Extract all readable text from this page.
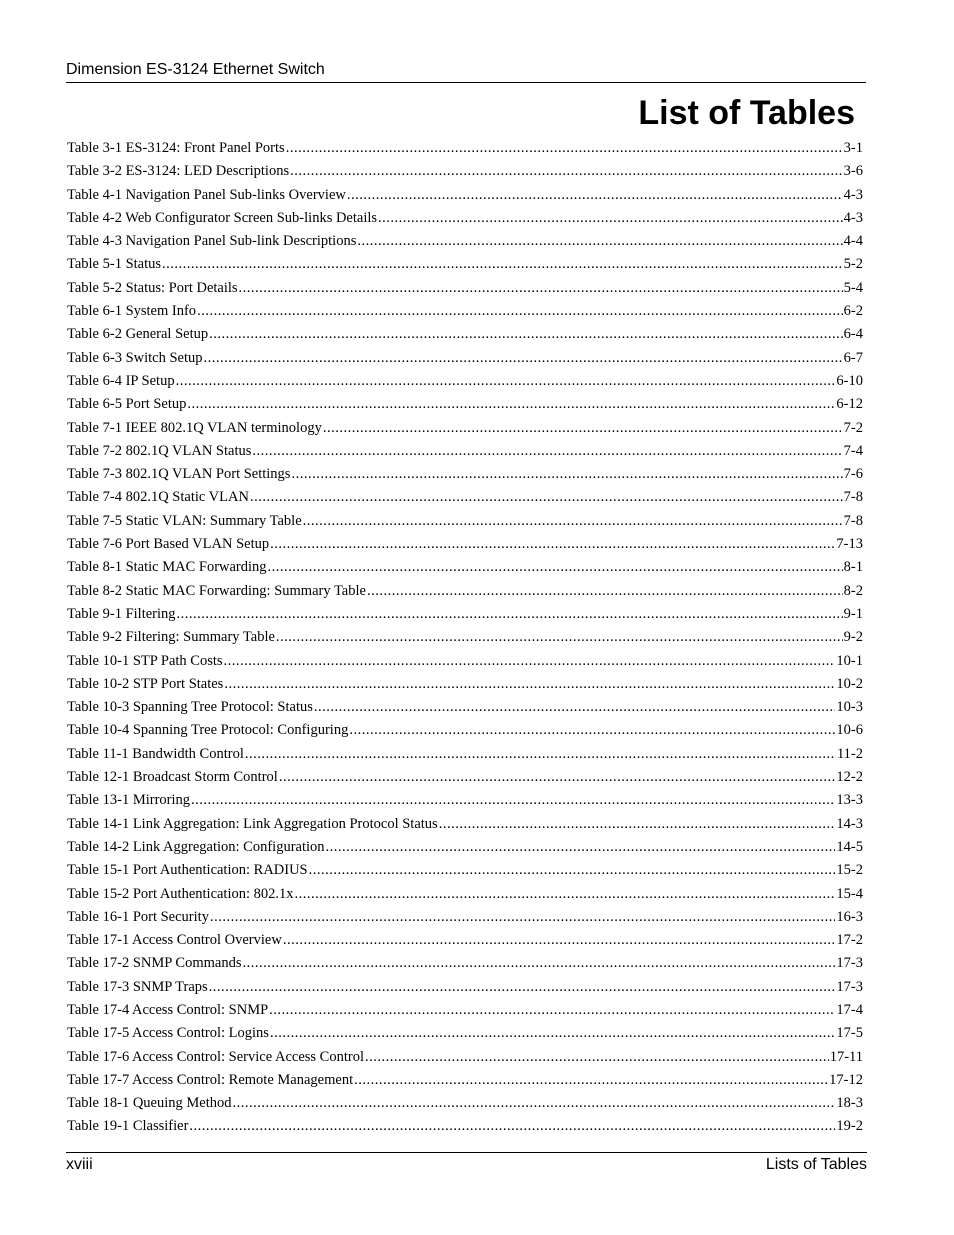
Dimension ES-3124 Ethernet Switch
List of Tables
Table 3-1 ES-3124: Front Panel Ports .....	3-1
Table 3-2 ES-3124: LED Descriptions .....	3-6
Table 4-1 Navigation Panel Sub-links Overview .....	4-3
Table 4-2 Web Configurator Screen Sub-links Details .....	4-3
Table 4-3 Navigation Panel Sub-link Descriptions .....	4-4
Table 5-1 Status .....	5-2
Table 5-2 Status: Port Details .....	5-4
Table 6-1 System Info .....	6-2
Table 6-2 General Setup .....	6-4
Table 6-3 Switch Setup .....	6-7
Table 6-4 IP Setup .....	6-10
Table 6-5 Port Setup .....	6-12
Table 7-1 IEEE 802.1Q VLAN terminology .....	7-2
Table 7-2 802.1Q VLAN Status .....	7-4
Table 7-3 802.1Q VLAN Port Settings .....	7-6
Table 7-4 802.1Q Static VLAN .....	7-8
Table 7-5 Static VLAN: Summary Table .....	7-8
Table 7-6 Port Based VLAN Setup .....	7-13
Table 8-1 Static MAC Forwarding .....	8-1
Table 8-2 Static MAC Forwarding: Summary Table .....	8-2
Table 9-1 Filtering .....	9-1
Table 9-2 Filtering: Summary Table .....	9-2
Table 10-1 STP Path Costs .....	10-1
Table 10-2 STP Port States .....	10-2
Table 10-3 Spanning Tree Protocol: Status .....	10-3
Table 10-4 Spanning Tree Protocol: Configuring .....	10-6
Table 11-1 Bandwidth Control .....	11-2
Table 12-1 Broadcast Storm Control .....	12-2
Table 13-1 Mirroring .....	13-3
Table 14-1 Link Aggregation: Link Aggregation Protocol Status .....	14-3
Table 14-2 Link Aggregation: Configuration .....	14-5
Table 15-1 Port Authentication: RADIUS .....	15-2
Table 15-2 Port Authentication: 802.1x .....	15-4
Table 16-1 Port Security .....	16-3
Table 17-1 Access Control Overview .....	17-2
Table 17-2 SNMP Commands .....	17-3
Table 17-3 SNMP Traps .....	17-3
Table 17-4 Access Control: SNMP .....	17-4
Table 17-5 Access Control: Logins .....	17-5
Table 17-6 Access Control: Service Access Control .....	17-11
Table 17-7 Access Control: Remote Management .....	17-12
Table 18-1 Queuing Method .....	18-3
Table 19-1 Classifier .....	19-2
xviii	Lists of Tables
